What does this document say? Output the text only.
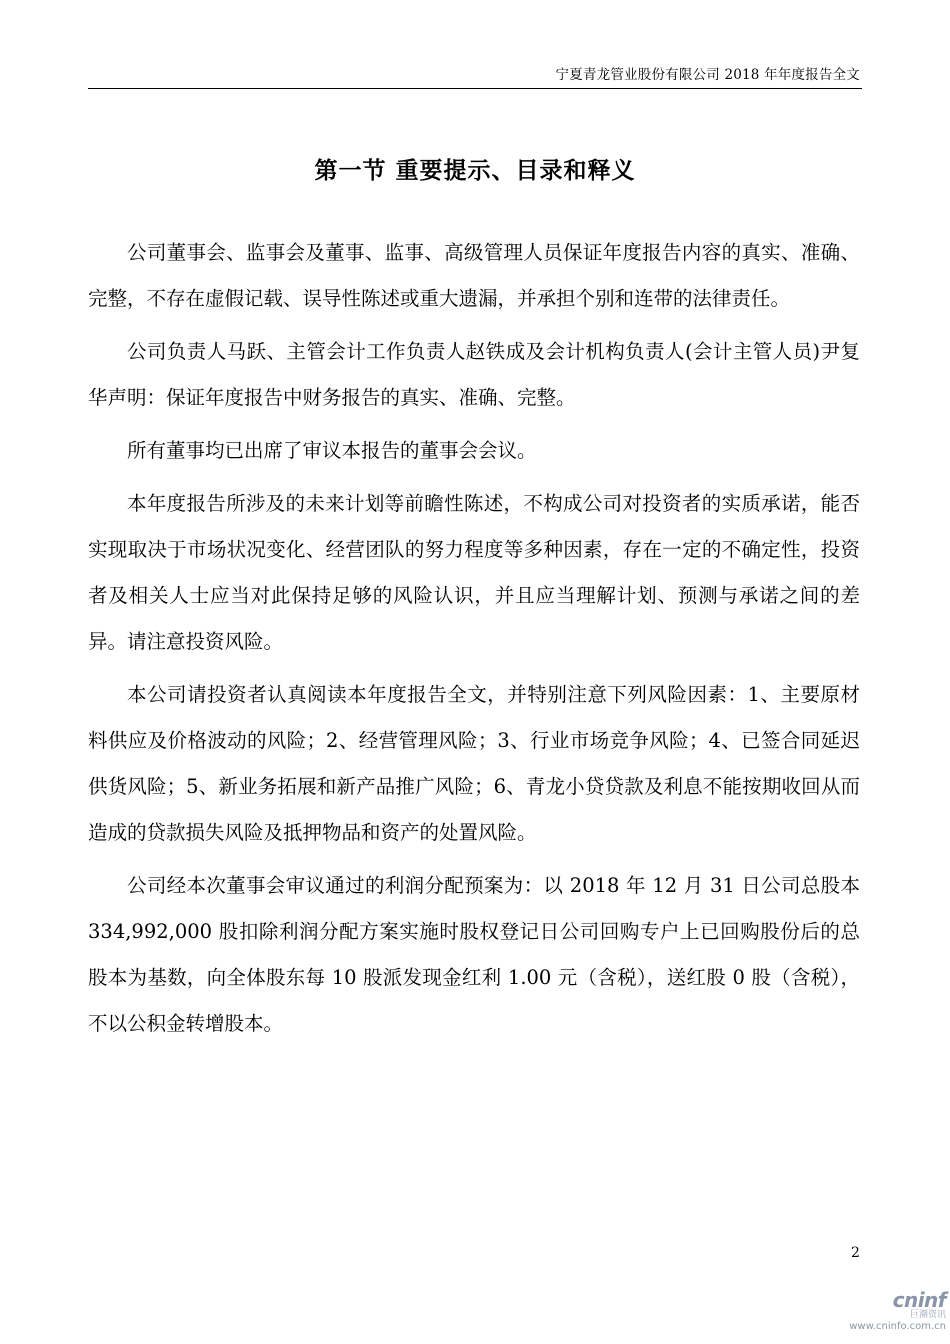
宁夏青龙管业股份有限公司 2018 年年度报告全文
第一节 重要提示、目录和释义

公司董事会、监事会及董事、监事、高级管理人员保证年度报告内容的真实、准确、完整，不存在虚假记载、误导性陈述或重大遗漏，并承担个别和连带的法律责任。

公司负责人马跃、主管会计工作负责人赵铁成及会计机构负责人(会计主管人员)尹复华声明：保证年度报告中财务报告的真实、准确、完整。

所有董事均已出席了审议本报告的董事会会议。

本年度报告所涉及的未来计划等前瞻性陈述，不构成公司对投资者的实质承诺，能否实现取决于市场状况变化、经营团队的努力程度等多种因素，存在一定的不确定性，投资者及相关人士应当对此保持足够的风险认识，并且应当理解计划、预测与承诺之间的差异。请注意投资风险。

本公司请投资者认真阅读本年度报告全文，并特别注意下列风险因素：1、主要原材料供应及价格波动的风险；2、经营管理风险；3、行业市场竞争风险；4、已签合同延迟供货风险；5、新业务拓展和新产品推广风险；6、青龙小贷贷款及利息不能按期收回从而造成的贷款损失风险及抵押物品和资产的处置风险。

公司经本次董事会审议通过的利润分配预案为：以 2018 年 12 月 31 日公司总股本 334,992,000 股扣除利润分配方案实施时股权登记日公司回购专户上已回购股份后的总股本为基数，向全体股东每 10 股派发现金红利 1.00 元（含税），送红股 0 股（含税），不以公积金转增股本。

2
cninf
巨潮资讯
www.cninfo.com.cn
